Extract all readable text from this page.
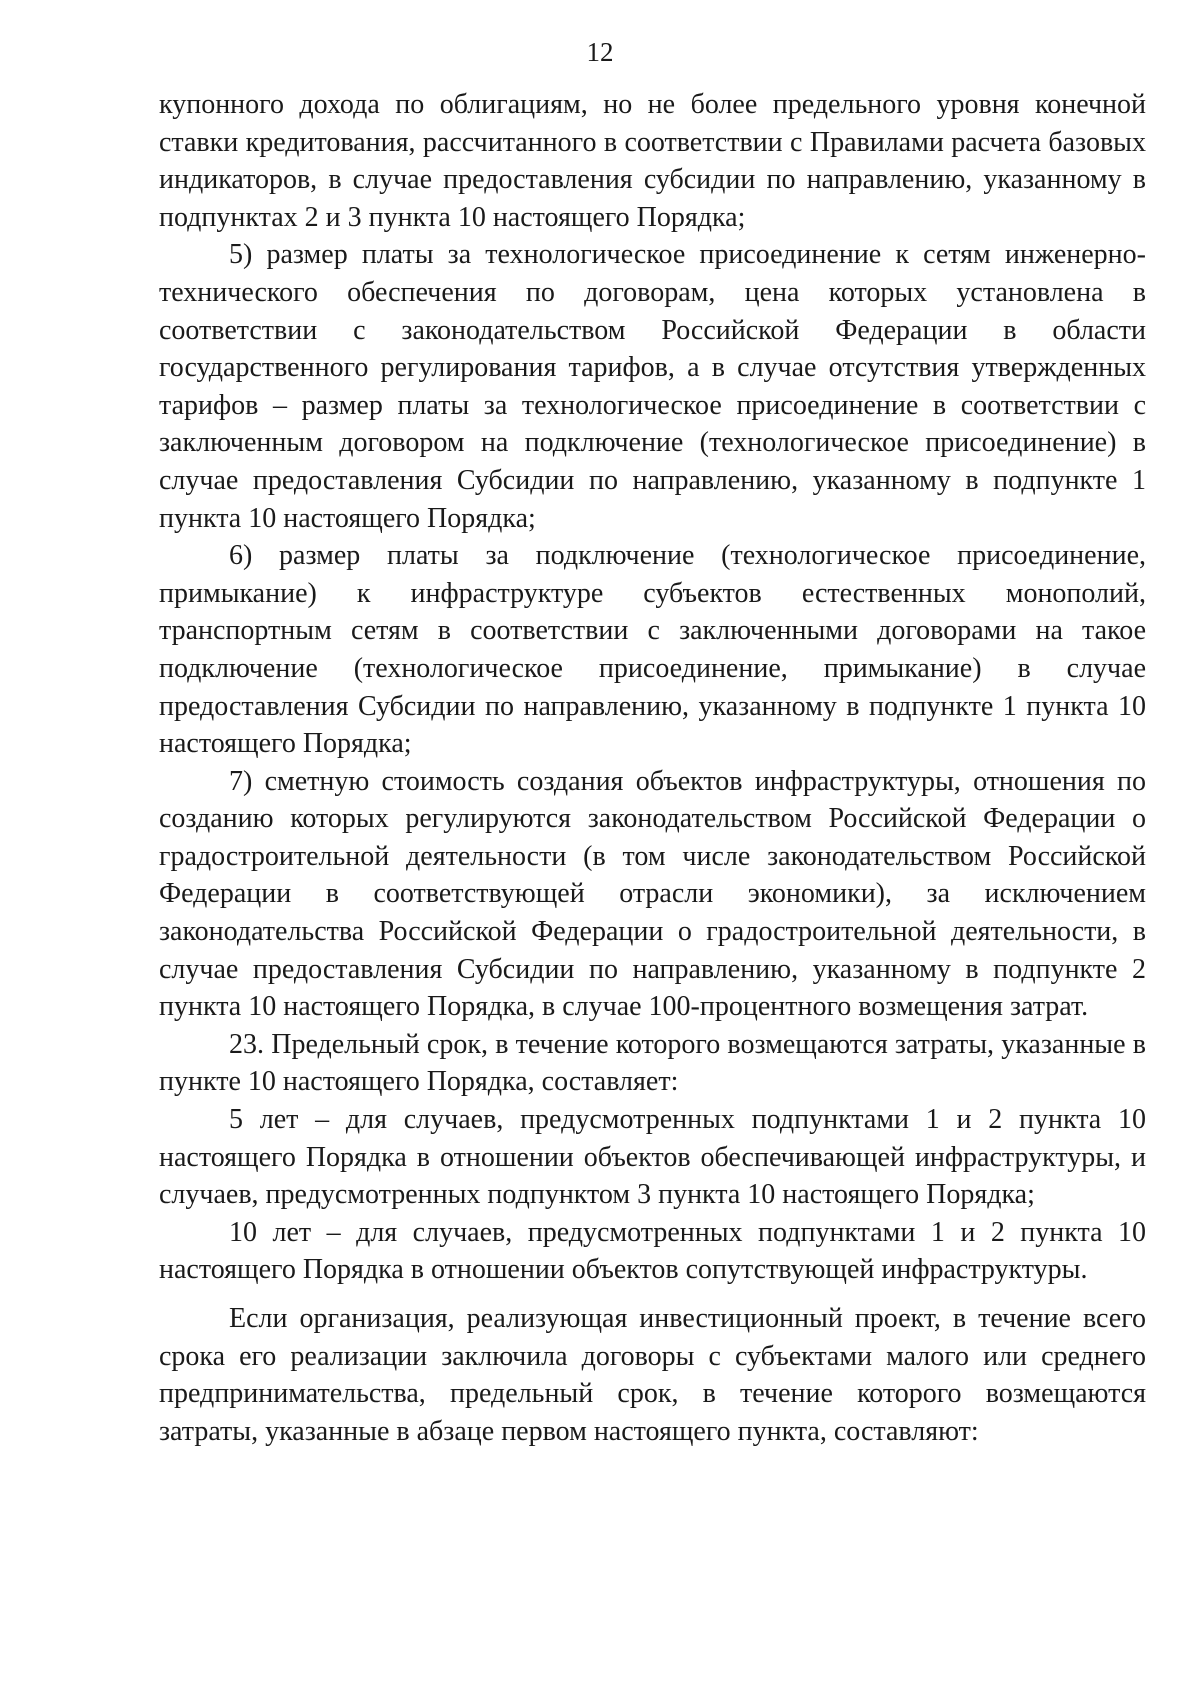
12

купонного дохода по облигациям, но не более предельного уровня конечной ставки кредитования, рассчитанного в соответствии с Правилами расчета базовых индикаторов, в случае предоставления субсидии по направлению, указанному в подпунктах 2 и 3 пункта 10 настоящего Порядка;

5) размер платы за технологическое присоединение к сетям инженерно-технического обеспечения по договорам, цена которых установлена в соответствии с законодательством Российской Федерации в области государственного регулирования тарифов, а в случае отсутствия утвержденных тарифов – размер платы за технологическое присоединение в соответствии с заключенным договором на подключение (технологическое присоединение) в случае предоставления Субсидии по направлению, указанному в подпункте 1 пункта 10 настоящего Порядка;

6) размер платы за подключение (технологическое присоединение, примыкание) к инфраструктуре субъектов естественных монополий, транспортным сетям в соответствии с заключенными договорами на такое подключение (технологическое присоединение, примыкание) в случае предоставления Субсидии по направлению, указанному в подпункте 1 пункта 10 настоящего Порядка;

7) сметную стоимость создания объектов инфраструктуры, отношения по созданию которых регулируются законодательством Российской Федерации о градостроительной деятельности (в том числе законодательством Российской Федерации в соответствующей отрасли экономики), за исключением законодательства Российской Федерации о градостроительной деятельности, в случае предоставления Субсидии по направлению, указанному в подпункте 2 пункта 10 настоящего Порядка, в случае 100-процентного возмещения затрат.

23. Предельный срок, в течение которого возмещаются затраты, указанные в пункте 10 настоящего Порядка, составляет:

5 лет – для случаев, предусмотренных подпунктами 1 и 2 пункта 10 настоящего Порядка в отношении объектов обеспечивающей инфраструктуры, и случаев, предусмотренных подпунктом 3 пункта 10 настоящего Порядка;

10 лет – для случаев, предусмотренных подпунктами 1 и 2 пункта 10 настоящего Порядка в отношении объектов сопутствующей инфраструктуры.

Если организация, реализующая инвестиционный проект, в течение всего срока его реализации заключила договоры с субъектами малого или среднего предпринимательства, предельный срок, в течение которого возмещаются затраты, указанные в абзаце первом настоящего пункта, составляют:
